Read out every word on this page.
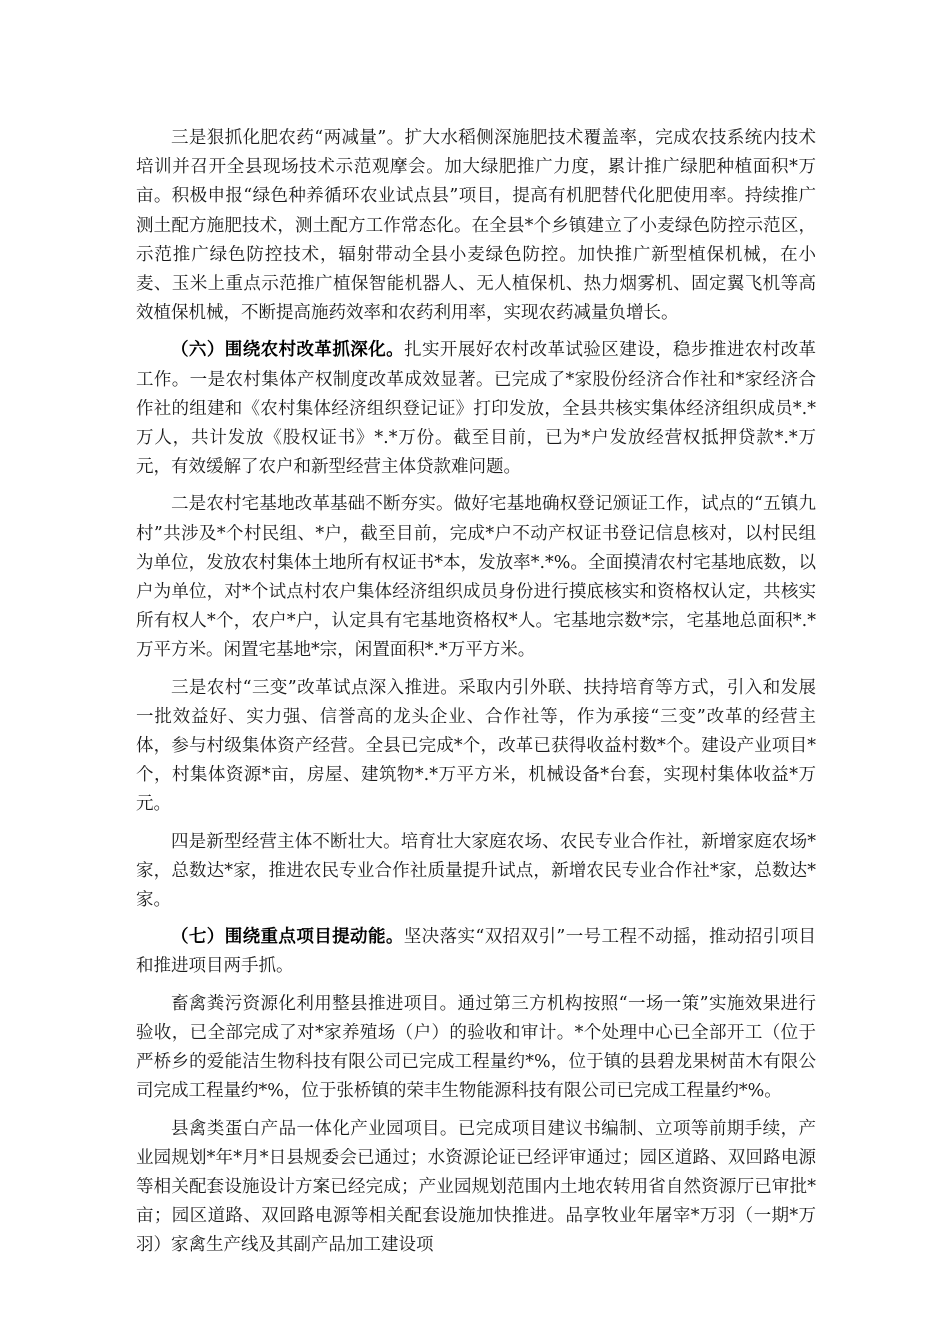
三是狠抓化肥农药“两减量”。扩大水稻侧深施肥技术覆盖率，完成农技系统内技术培训并召开全县现场技术示范观摩会。加大绿肥推广力度，累计推广绿肥种植面积*万亩。积极申报“绿色种养循环农业试点县”项目，提高有机肥替代化肥使用率。持续推广测土配方施肥技术，测土配方工作常态化。在全县*个乡镇建立了小麦绿色防控示范区，示范推广绿色防控技术，辐射带动全县小麦绿色防控。加快推广新型植保机械，在小麦、玉米上重点示范推广植保智能机器人、无人植保机、热力烟雾机、固定翼飞机等高效植保机械，不断提高施药效率和农药利用率，实现农药减量负增长。

（六）围绕农村改革抓深化。扎实开展好农村改革试验区建设，稳步推进农村改革工作。一是农村集体产权制度改革成效显著。已完成了*家股份经济合作社和*家经济合作社的组建和《农村集体经济组织登记证》打印发放，全县共核实集体经济组织成员*.*万人，共计发放《股权证书》*.*万份。截至目前，已为*户发放经营权抵押贷款*.*万元，有效缓解了农户和新型经营主体贷款难问题。

二是农村宅基地改革基础不断夯实。做好宅基地确权登记颁证工作，试点的“五镇九村”共涉及*个村民组、*户，截至目前，完成*户不动产权证书登记信息核对，以村民组为单位，发放农村集体土地所有权证书*本，发放率*.*%。全面摸清农村宅基地底数，以户为单位，对*个试点村农户集体经济组织成员身份进行摸底核实和资格权认定，共核实所有权人*个，农户*户，认定具有宅基地资格权*人。宅基地宗数*宗，宅基地总面积*.*万平方米。闲置宅基地*宗，闲置面积*.*万平方米。

三是农村“三变”改革试点深入推进。采取内引外联、扶持培育等方式，引入和发展一批效益好、实力强、信誉高的龙头企业、合作社等，作为承接“三变”改革的经营主体，参与村级集体资产经营。全县已完成*个，改革已获得收益村数*个。建设产业项目*个，村集体资源*亩，房屋、建筑物*.*万平方米，机械设备*台套，实现村集体收益*万元。

四是新型经营主体不断壮大。培育壮大家庭农场、农民专业合作社，新增家庭农场*家，总数达*家，推进农民专业合作社质量提升试点，新增农民专业合作社*家，总数达*家。

（七）围绕重点项目提动能。坚决落实“双招双引”一号工程不动摇，推动招引项目和推进项目两手抓。

畜禽粪污资源化利用整县推进项目。通过第三方机构按照“一场一策”实施效果进行验收，已全部完成了对*家养殖场（户）的验收和审计。*个处理中心已全部开工（位于严桥乡的爱能洁生物科技有限公司已完成工程量约*%，位于镇的县碧龙果树苗木有限公司完成工程量约*%，位于张桥镇的荣丰生物能源科技有限公司已完成工程量约*%。

县禽类蛋白产品一体化产业园项目。已完成项目建议书编制、立项等前期手续，产业园规划*年*月*日县规委会已通过；水资源论证已经评审通过；园区道路、双回路电源等相关配套设施设计方案已经完成；产业园规划范围内土地农转用省自然资源厅已审批*亩；园区道路、双回路电源等相关配套设施加快推进。品享牧业年屠宰*万羽（一期*万羽）家禽生产线及其副产品加工建设项
